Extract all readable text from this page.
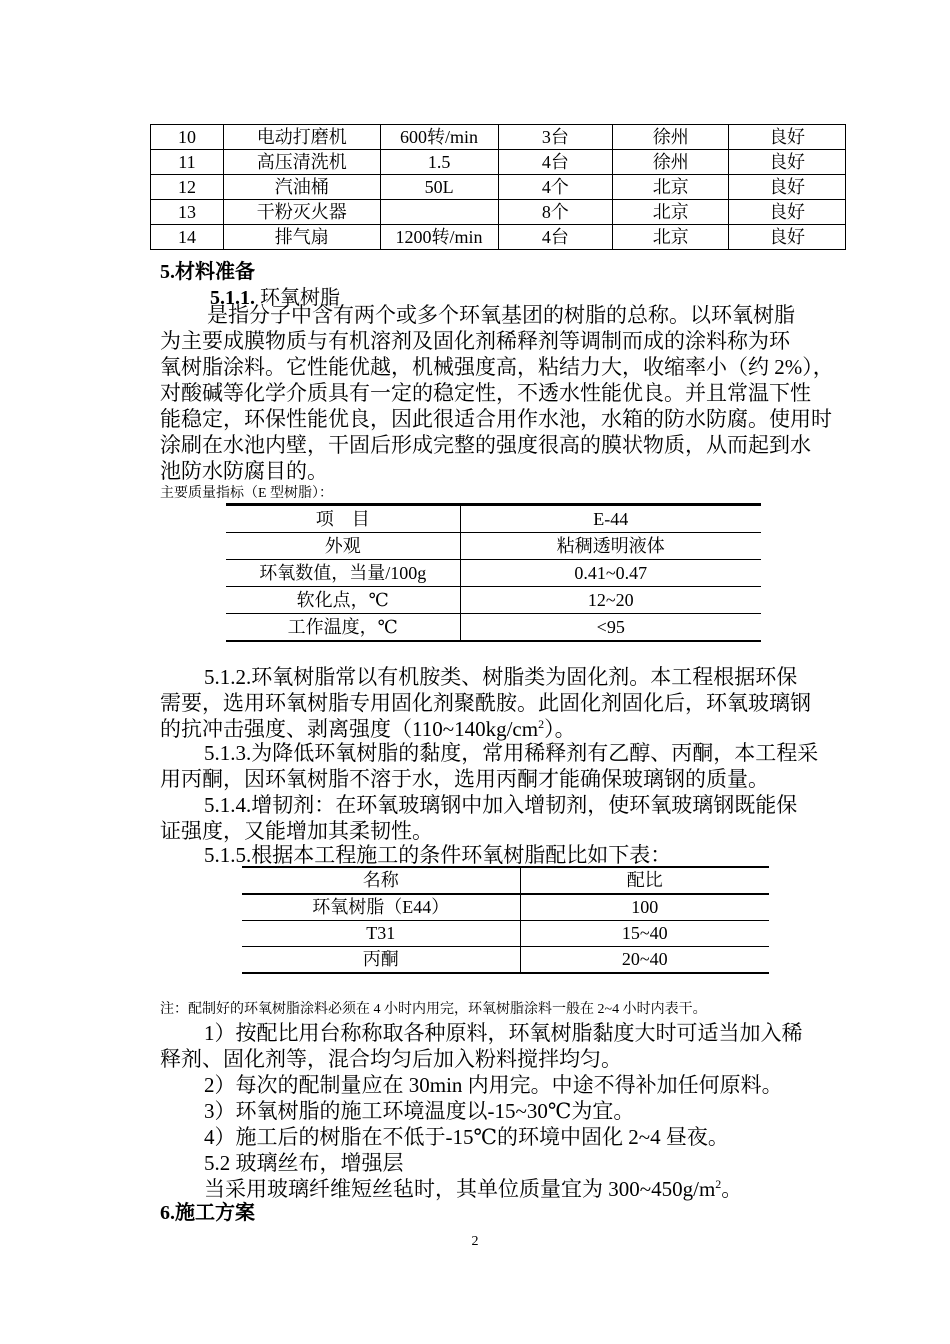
10	电动打磨机	600转/min	3台	徐州	良好
11	高压清洗机	1.5	4台	徐州	良好
12	汽油桶	50L	4个	北京	良好
13	干粉灭火器		8个	北京	良好
14	排气扇	1200转/min	4台	北京	良好
5.材料准备
5.1.1. 环氧树脂
是指分子中含有两个或多个环氧基团的树脂的总称。以环氧树脂
为主要成膜物质与有机溶剂及固化剂稀释剂等调制而成的涂料称为环
氧树脂涂料。它性能优越，机械强度高，粘结力大，收缩率小（约 2%），
对酸碱等化学介质具有一定的稳定性，不透水性能优良。并且常温下性
能稳定，环保性能优良，因此很适合用作水池，水箱的防水防腐。使用时
涂刷在水池内壁，干固后形成完整的强度很高的膜状物质，从而起到水
池防水防腐目的。
主要质量指标（E 型树脂）：
项　目	E-44
外观	粘稠透明液体
环氧数值，当量/100g	0.41~0.47
软化点，℃	12~20
工作温度，℃	<95
5.1.2.环氧树脂常以有机胺类、树脂类为固化剂。本工程根据环保
需要，选用环氧树脂专用固化剂聚酰胺。此固化剂固化后，环氧玻璃钢
的抗冲击强度、剥离强度$(110\sim 140kg/cm^2)$。
5.1.3.为降低环氧树脂的黏度，常用稀释剂有乙醇、丙酮，本工程采
用丙酮，因环氧树脂不溶于水，选用丙酮才能确保玻璃钢的质量。
5.1.4.增韧剂：在环氧玻璃钢中加入增韧剂，使环氧玻璃钢既能保
证强度，又能增加其柔韧性。
5.1.5.根据本工程施工的条件环氧树脂配比如下表：
名称	配比
环氧树脂（E44）	100
T31	15~40
丙酮	20~40
注：配制好的环氧树脂涂料必须在 4 小时内用完，环氧树脂涂料一般在 2~4 小时内表干。
1）按配比用台称称取各种原料，环氧树脂黏度大时可适当加入稀
释剂、固化剂等，混合均匀后加入粉料搅拌均匀。
2）每次的配制量应在 30min 内用完。中途不得补加任何原料。
3）环氧树脂的施工环境温度以-15~30℃为宜。
4）施工后的树脂在不低于-15℃的环境中固化 2~4 昼夜。
5.2 玻璃丝布，增强层
当采用玻璃纤维短丝毡时，其单位质量宜为 $300\sim 450g/m^2$。
6.施工方案
2
